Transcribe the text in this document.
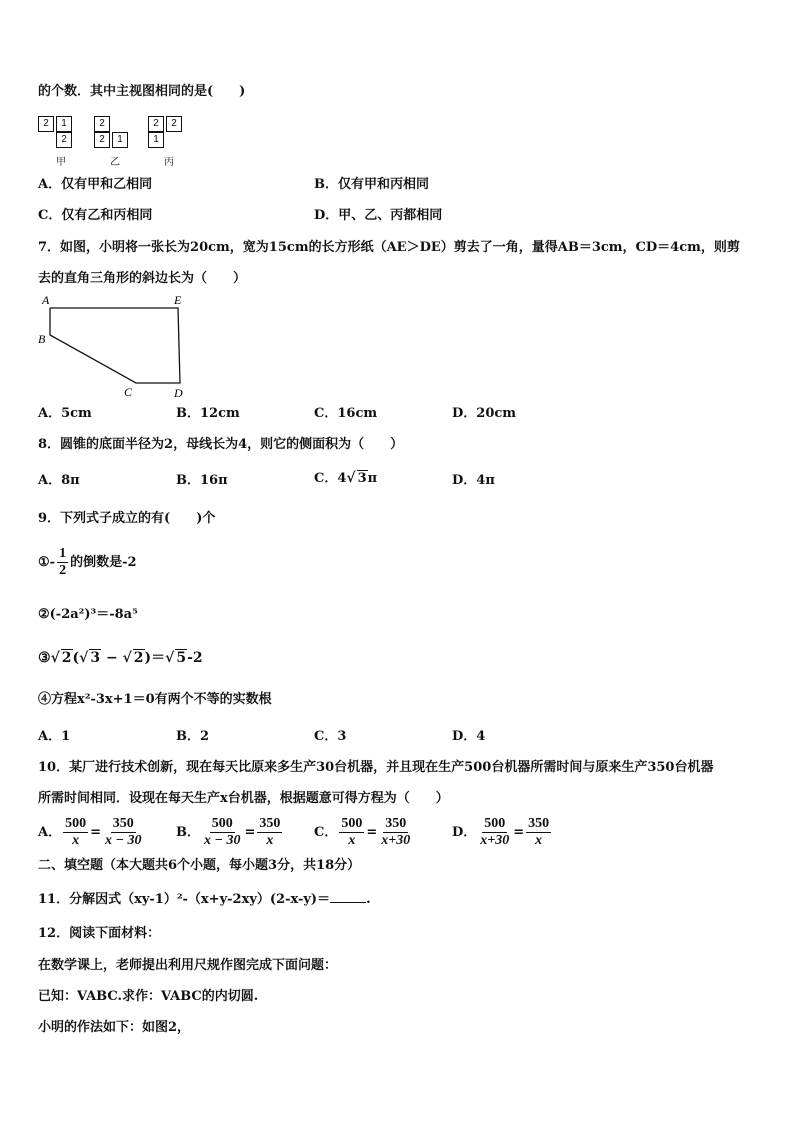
的个数．其中主视图相同的是(　　)
2	1
2
甲
2
2	1
乙
2	2
1
丙
A．仅有甲和乙相同	B．仅有甲和丙相同
C．仅有乙和丙相同	D．甲、乙、丙都相同
7．如图，小明将一张长为20cm，宽为15cm的长方形纸（AE＞DE）剪去了一角，量得AB＝3cm，CD＝4cm，则剪
去的直角三角形的斜边长为（　　）
A	E
B
C	D
A．5cm	B．12cm	C．16cm	D．20cm
8．圆锥的底面半径为2，母线长为4，则它的侧面积为（　　）
A．8π	B．16π	C．4√ 3π	D．4π
9．下列式子成立的有(　　)个
①- $\frac{1}{2}$ 的倒数是-2
②(-2a²)³＝-8a⁵
③√ 2(√ 3 − √ 2)＝√ 5-2
④方程x²-3x+1＝0有两个不等的实数根
A．1	B．2	C．3	D．4
10．某厂进行技术创新，现在每天比原来多生产30台机器，并且现在生产500台机器所需时间与原来生产350台机器
所需时间相同．设现在每天生产x台机器，根据题意可得方程为（　　）
A． $\frac{500}{x} = \frac{350}{x - 30}$	B． $\frac{500}{x - 30} = \frac{350}{x}$ C． $\frac{500}{x} = \frac{350}{x+30}$	D． $\frac{500}{x+30} = \frac{350}{x}$
二、填空题（本大题共6个小题，每小题3分，共18分）
11．分解因式（xy-1）²-（x+y-2xy）(2-x-y)＝	.
12．阅读下面材料：
在数学课上，老师提出利用尺规作图完成下面问题：
已知：VABC.求作：VABC的内切圆.
小明的作法如下：如图2，
